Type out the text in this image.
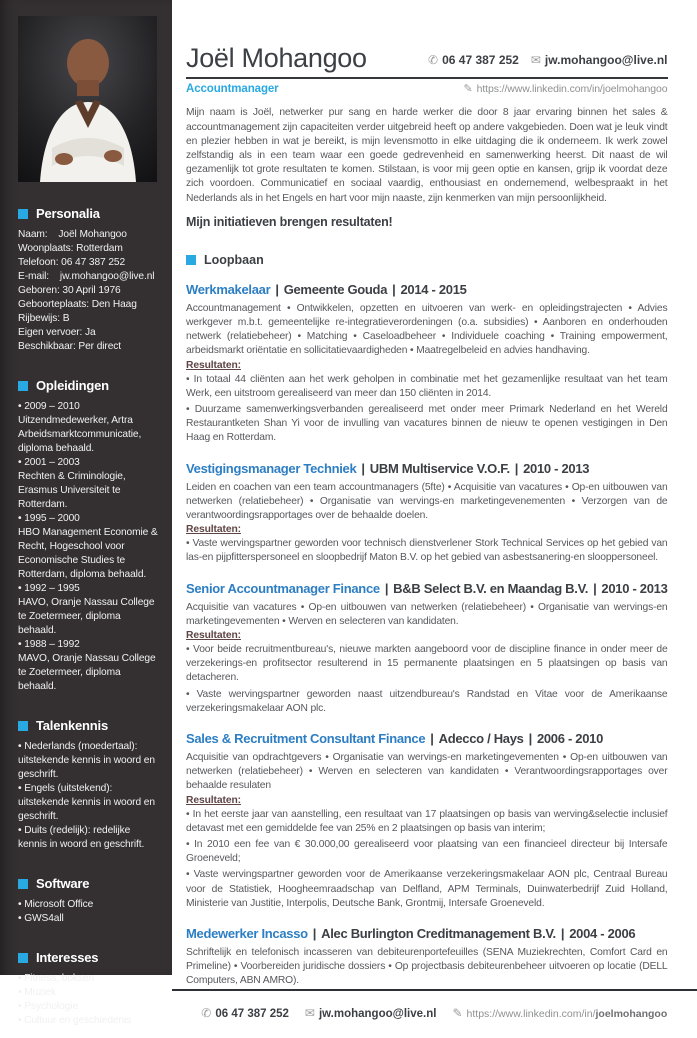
Personalia
Naam:    Joël Mohangoo
Woonplaats: Rotterdam
Telefoon: 06 47 387 252
E-mail:    jw.mohangoo@live.nl
Geboren: 30 April 1976
Geboorteplaats: Den Haag
Rijbewijs: B
Eigen vervoer: Ja
Beschikbaar: Per direct
Opleidingen
• 2009 – 2010
Uitzendmedewerker, Artra Arbeidsmarktcommunicatie, diploma behaald.
• 2001 – 2003
Rechten & Criminologie, Erasmus Universiteit te Rotterdam.
• 1995 – 2000
HBO Management Economie & Recht, Hogeschool voor Economische Studies te Rotterdam, diploma behaald.
• 1992 – 1995
HAVO, Oranje Nassau College te Zoetermeer, diploma behaald.
• 1988 – 1992
MAVO, Oranje Nassau College te Zoetermeer, diploma behaald.
Talenkennis
• Nederlands (moedertaal): uitstekende kennis in woord en geschrift.
• Engels (uitstekend): uitstekende kennis in woord en geschrift.
• Duits (redelijk): redelijke kennis in woord en geschrift.
Software
• Microsoft Office
• GWS4all
Interesses
• Fitness, boksen
• Muziek
• Psychologie
• Cultuur en geschiedenis
Joël Mohangoo	✆ 06 47 387 252 ✉ jw.mohangoo@live.nl
Accountmanager	✎ https://www.linkedin.com/in/joelmohangoo

Mijn naam is Joël, netwerker pur sang en harde werker die door 8 jaar ervaring binnen het sales & accountmanagement zijn capaciteiten verder uitgebreid heeft op andere vakgebieden. Doen wat je leuk vindt en plezier hebben in wat je bereikt, is mijn levensmotto in elke uitdaging die ik onderneem. Ik werk zowel zelfstandig als in een team waar een goede gedrevenheid en samenwerking heerst. Dit naast de wil gezamenlijk tot grote resultaten te komen. Stilstaan, is voor mij geen optie en kansen, grijp ik voordat deze zich voordoen. Communicatief en sociaal vaardig, enthousiast en ondernemend, welbespraakt in het Nederlands als in het Engels en hart voor mijn naaste, zijn kenmerken van mijn persoonlijkheid.

Mijn initiatieven brengen resultaten!

Loopbaan
Werkmakelaar | Gemeente Gouda | 2014 - 2015

Accountmanagement • Ontwikkelen, opzetten en uitvoeren van werk- en opleidingstrajecten • Advies werkgever m.b.t. gemeentelijke re-integratieverordeningen (o.a. subsidies) • Aanboren en onderhouden netwerk (relatiebeheer) • Matching • Caseloadbeheer • Individuele coaching • Training empowerment, arbeidsmarkt oriëntatie en sollicitatievaardigheden • Maatregelbeleid en advies handhaving.

Resultaten:

• In totaal 44 cliënten aan het werk geholpen in combinatie met het gezamenlijke resultaat van het team Werk, een uitstroom gerealiseerd van meer dan 150 cliënten in 2014.

• Duurzame samenwerkingsverbanden gerealiseerd met onder meer Primark Nederland en het Wereld Restaurantketen Shan Yi voor de invulling van vacatures binnen de nieuw te openen vestigingen in Den Haag en Rotterdam.

Vestigingsmanager Techniek | UBM Multiservice V.O.F. | 2010 - 2013

Leiden en coachen van een team accountmanagers (5fte) • Acquisitie van vacatures • Op-en uitbouwen van netwerken (relatiebeheer) • Organisatie van wervings-en marketingevenementen • Verzorgen van de verantwoordingsrapportages over de behaalde doelen.

Resultaten:

• Vaste wervingspartner geworden voor technisch dienstverlener Stork Technical Services op het gebied van las-en pijpfitterspersoneel en sloopbedrijf Maton B.V. op het gebied van asbestsanering-en slooppersoneel.

Senior Accountmanager Finance | B&B Select B.V. en Maandag B.V. | 2010 - 2013

Acquisitie van vacatures • Op-en uitbouwen van netwerken (relatiebeheer) • Organisatie van wervings-en marketingevementen • Werven en selecteren van kandidaten.

Resultaten:

• Voor beide recruitmentbureau's, nieuwe markten aangeboord voor de discipline finance in onder meer de verzekerings-en profitsector resulterend in 15 permanente plaatsingen en 5 plaatsingen op basis van detacheren.

• Vaste wervingspartner geworden naast uitzendbureau's Randstad en Vitae voor de Amerikaanse verzekeringsmakelaar AON plc.

Sales & Recruitment Consultant Finance | Adecco / Hays | 2006 - 2010

Acquisitie van opdrachtgevers • Organisatie van wervings-en marketingevementen • Op-en uitbouwen van netwerken (relatiebeheer) • Werven en selecteren van kandidaten • Verantwoordingsrapportages over behaalde resulaten

Resultaten:

• In het eerste jaar van aanstelling, een resultaat van 17 plaatsingen op basis van werving&selectie inclusief detavast met een gemiddelde fee van 25% en 2 plaatsingen op basis van interim;

• In 2010 een fee van € 30.000,00 gerealiseerd voor plaatsing van een financieel directeur bij Intersafe Groeneveld;

• Vaste wervingspartner geworden voor de Amerikaanse verzekeringsmakelaar AON plc, Centraal Bureau voor de Statistiek, Hoogheemraadschap van Delfland, APM Terminals, Duinwaterbedrijf Zuid Holland, Ministerie van Justitie, Interpolis, Deutsche Bank, Grontmij, Intersafe Groeneveld.

Medewerker Incasso | Alec Burlington Creditmanagement B.V. | 2004 - 2006

Schriftelijk en telefonisch incasseren van debiteurenportefeuilles (SENA Muziekrechten, Comfort Card en Primeline) • Voorbereiden juridische dossiers • Op projectbasis debiteurenbeheer uitvoeren op locatie (DELL Computers, ABN AMRO).

✆ 06 47 387 252 ✉ jw.mohangoo@live.nl ✎ https://www.linkedin.com/in/joelmohangoo
